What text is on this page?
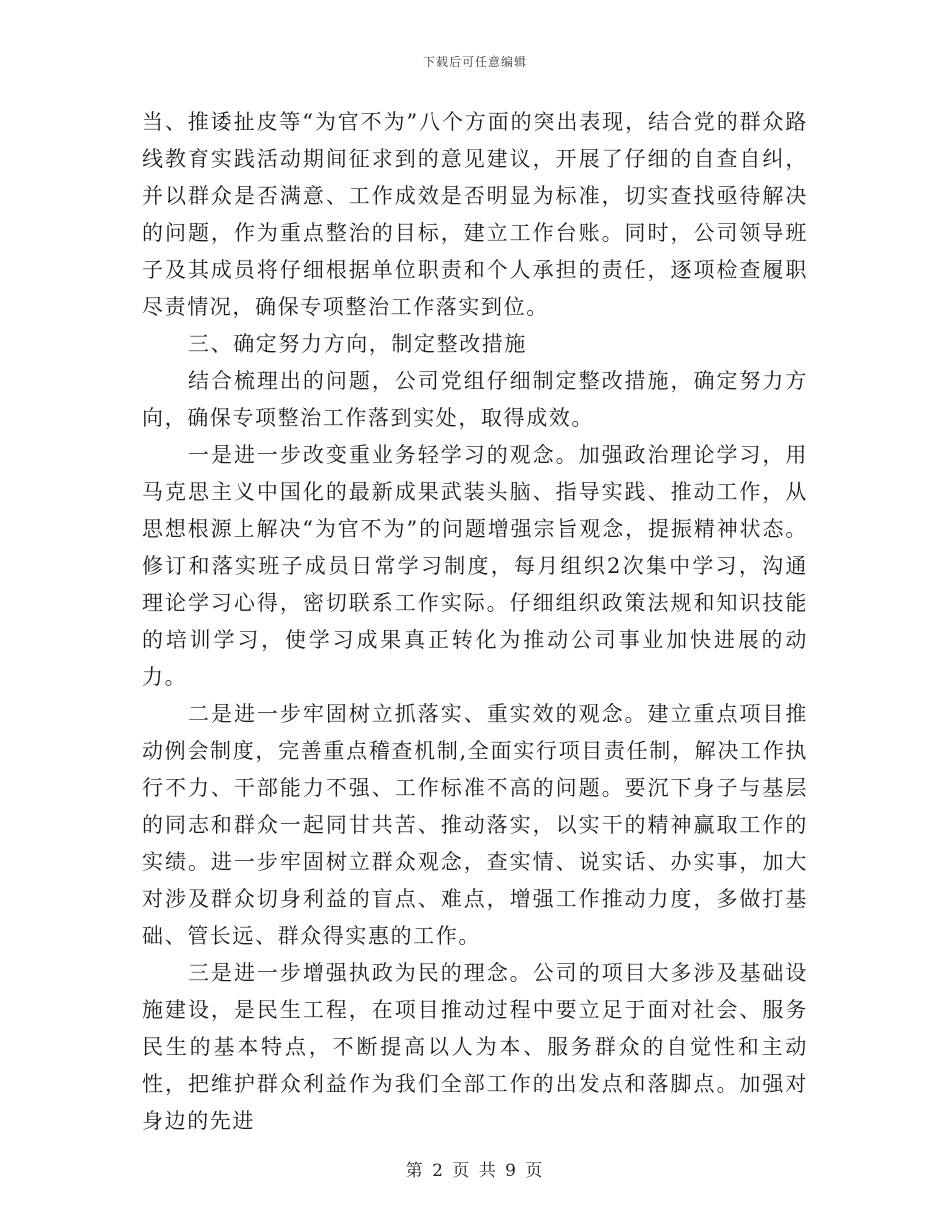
下载后可任意编辑

当、推诿扯皮等“为官不为”八个方面的突出表现，结合党的群众路线教育实践活动期间征求到的意见建议，开展了仔细的自查自纠，并以群众是否满意、工作成效是否明显为标准，切实查找亟待解决的问题，作为重点整治的目标，建立工作台账。同时，公司领导班子及其成员将仔细根据单位职责和个人承担的责任，逐项检查履职尽责情况，确保专项整治工作落实到位。

三、确定努力方向，制定整改措施

结合梳理出的问题，公司党组仔细制定整改措施，确定努力方向，确保专项整治工作落到实处，取得成效。

一是进一步改变重业务轻学习的观念。加强政治理论学习，用马克思主义中国化的最新成果武装头脑、指导实践、推动工作，从思想根源上解决“为官不为”的问题增强宗旨观念，提振精神状态。修订和落实班子成员日常学习制度，每月组织2次集中学习，沟通理论学习心得，密切联系工作实际。仔细组织政策法规和知识技能的培训学习，使学习成果真正转化为推动公司事业加快进展的动力。

二是进一步牢固树立抓落实、重实效的观念。建立重点项目推动例会制度，完善重点稽查机制,全面实行项目责任制，解决工作执行不力、干部能力不强、工作标准不高的问题。要沉下身子与基层的同志和群众一起同甘共苦、推动落实，以实干的精神赢取工作的实绩。进一步牢固树立群众观念，查实情、说实话、办实事，加大对涉及群众切身利益的盲点、难点，增强工作推动力度，多做打基础、管长远、群众得实惠的工作。

三是进一步增强执政为民的理念。公司的项目大多涉及基础设施建设，是民生工程，在项目推动过程中要立足于面对社会、服务民生的基本特点，不断提高以人为本、服务群众的自觉性和主动性，把维护群众利益作为我们全部工作的出发点和落脚点。加强对身边的先进

第 2 页 共 9 页
